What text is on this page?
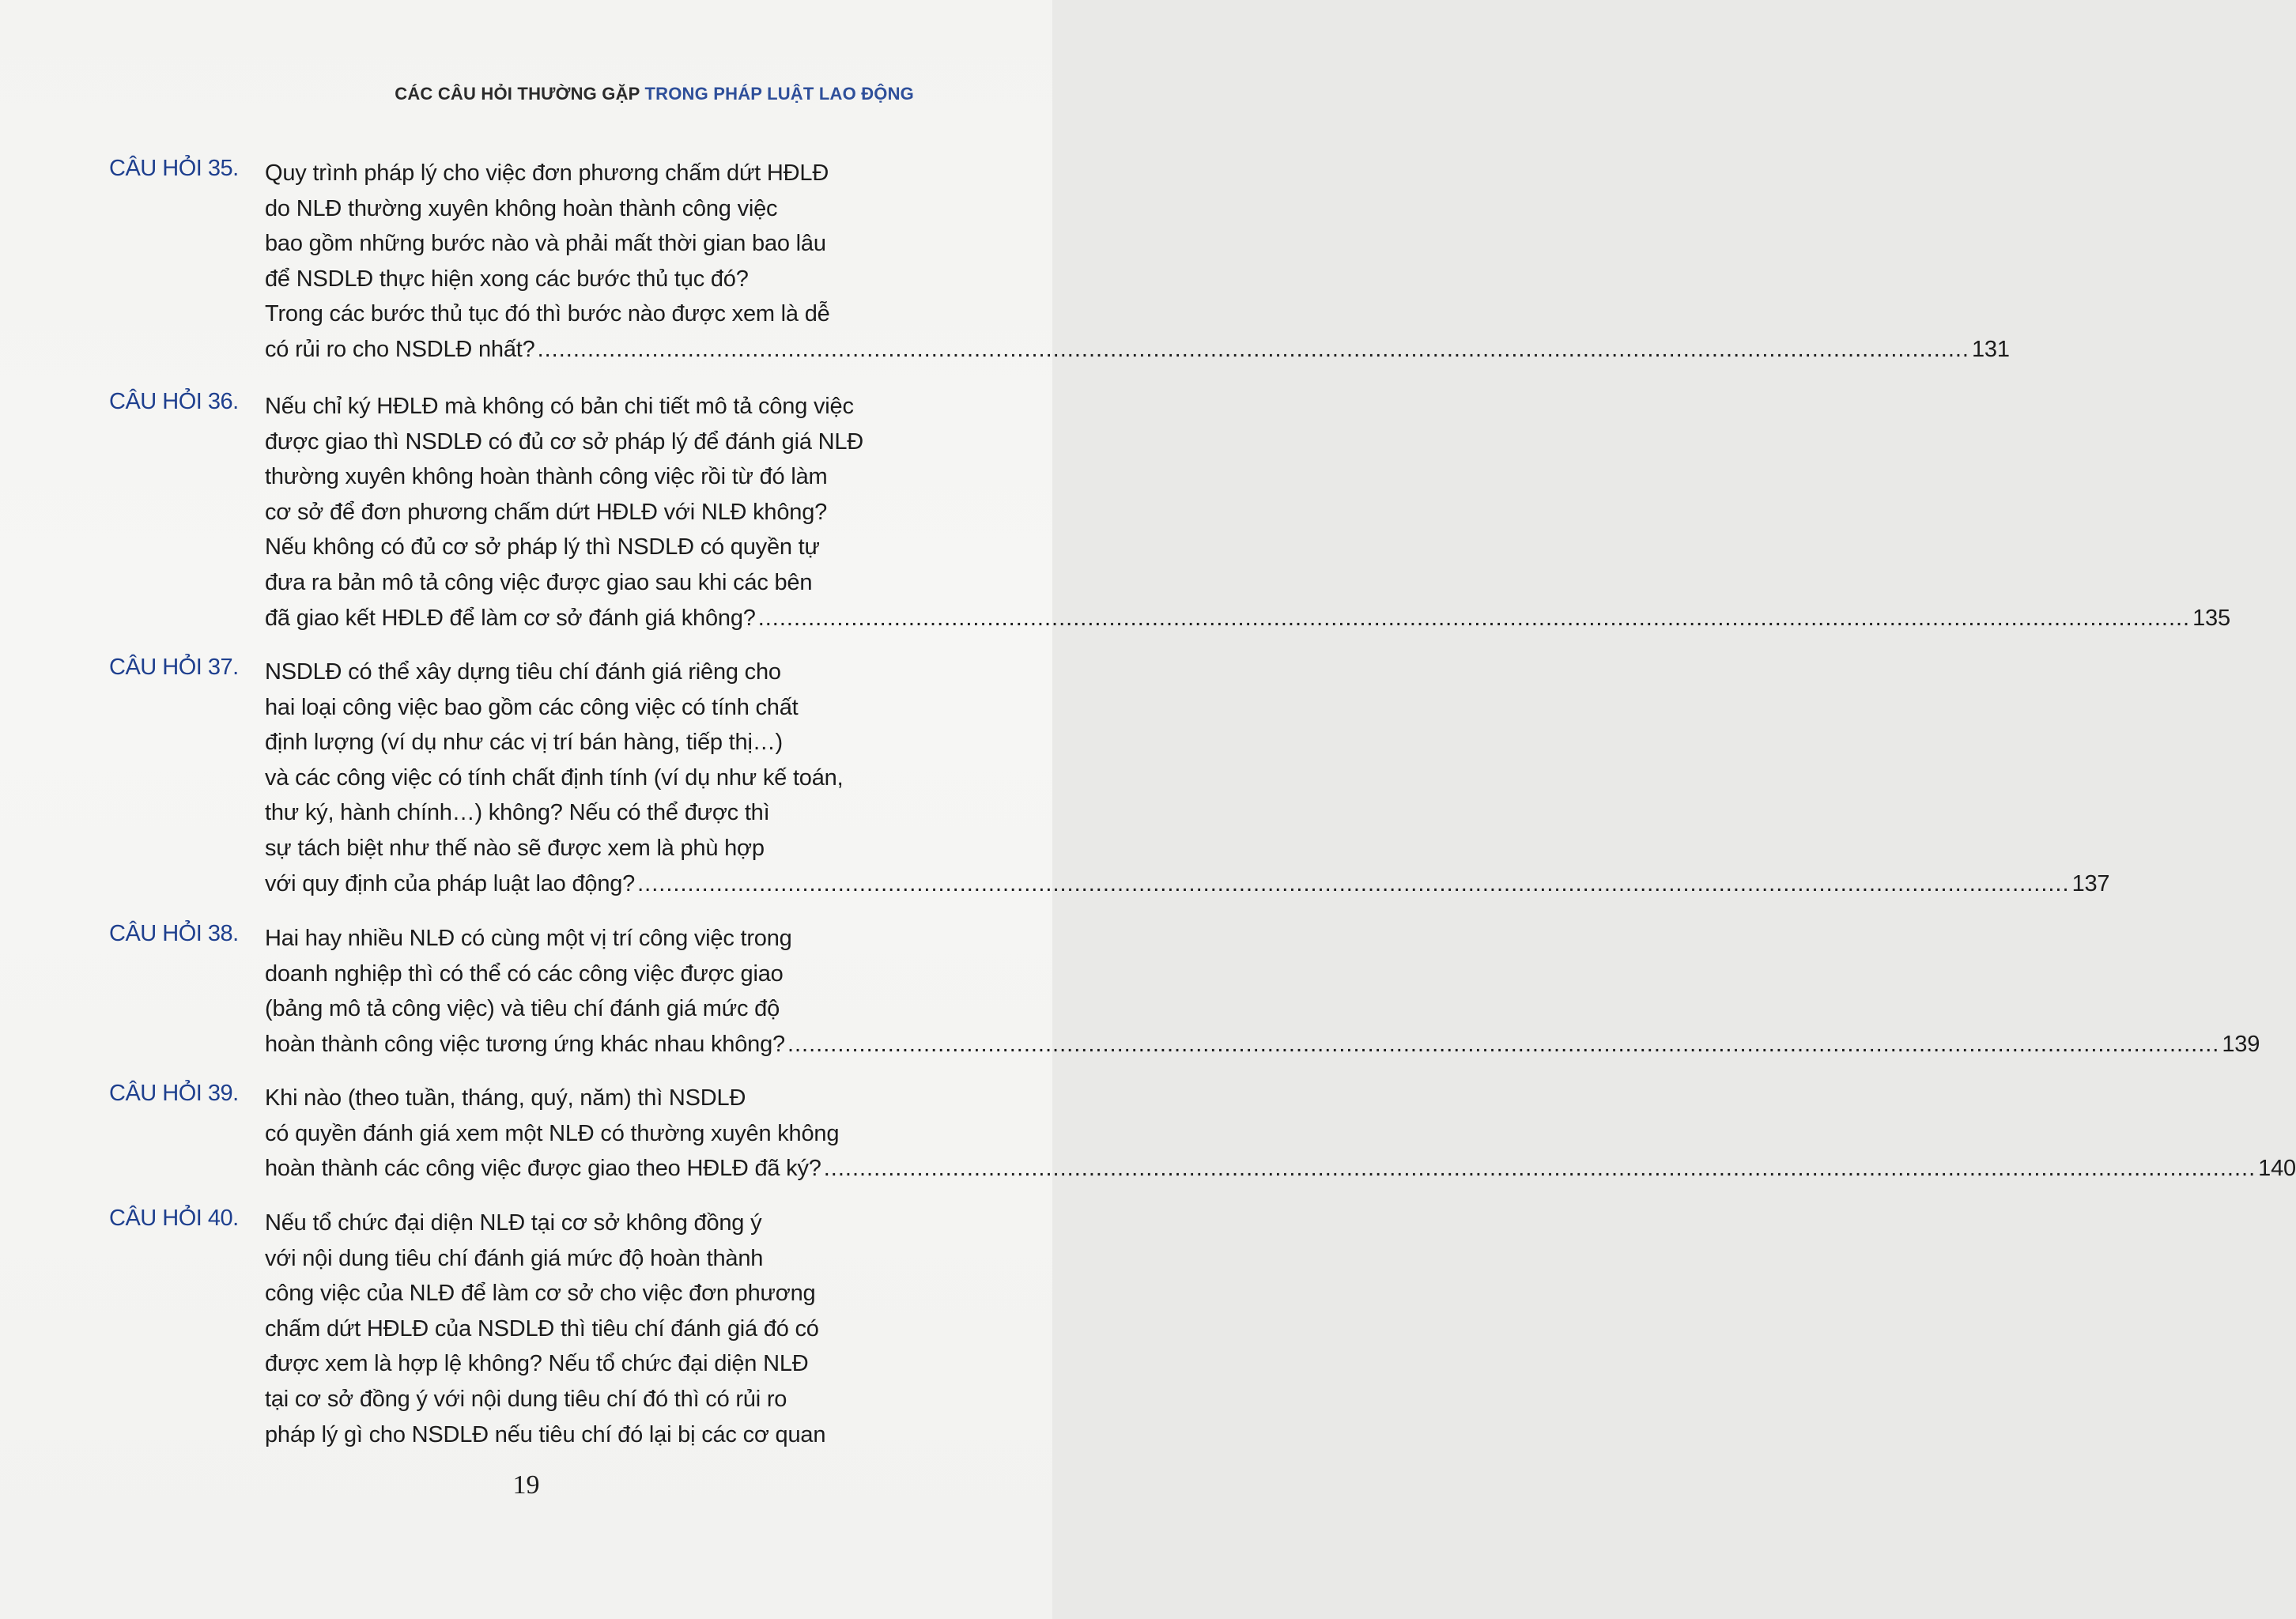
CÁC CÂU HỎI THƯỜNG GẶP TRONG PHÁP LUẬT LAO ĐỘNG
CÂU HỎI 35. Quy trình pháp lý cho việc đơn phương chấm dứt HĐLĐ
do NLĐ thường xuyên không hoàn thành công việc
bao gồm những bước nào và phải mất thời gian bao lâu
để NSDLĐ thực hiện xong các bước thủ tục đó?
Trong các bước thủ tục đó thì bước nào được xem là dễ
có rủi ro cho NSDLĐ nhất? ........................................................................................................................................................................................................ 131
CÂU HỎI 36. Nếu chỉ ký HĐLĐ mà không có bản chi tiết mô tả công việc
được giao thì NSDLĐ có đủ cơ sở pháp lý để đánh giá NLĐ
thường xuyên không hoàn thành công việc rồi từ đó làm
cơ sở để đơn phương chấm dứt HĐLĐ với NLĐ không?
Nếu không có đủ cơ sở pháp lý thì NSDLĐ có quyền tự
đưa ra bản mô tả công việc được giao sau khi các bên
đã giao kết HĐLĐ để làm cơ sở đánh giá không? ........................................................................................................................................................................................................ 135
CÂU HỎI 37. NSDLĐ có thể xây dựng tiêu chí đánh giá riêng cho
hai loại công việc bao gồm các công việc có tính chất
định lượng (ví dụ như các vị trí bán hàng, tiếp thị…)
và các công việc có tính chất định tính (ví dụ như kế toán,
thư ký, hành chính…) không? Nếu có thể được thì
sự tách biệt như thế nào sẽ được xem là phù hợp
với quy định của pháp luật lao động? ........................................................................................................................................................................................................ 137
CÂU HỎI 38. Hai hay nhiều NLĐ có cùng một vị trí công việc trong
doanh nghiệp thì có thể có các công việc được giao
(bảng mô tả công việc) và tiêu chí đánh giá mức độ
hoàn thành công việc tương ứng khác nhau không? ........................................................................................................................................................................................................ 139
CÂU HỎI 39. Khi nào (theo tuần, tháng, quý, năm) thì NSDLĐ
có quyền đánh giá xem một NLĐ có thường xuyên không
hoàn thành các công việc được giao theo HĐLĐ đã ký? ........................................................................................................................................................................................................ 140
CÂU HỎI 40. Nếu tổ chức đại diện NLĐ tại cơ sở không đồng ý
với nội dung tiêu chí đánh giá mức độ hoàn thành
công việc của NLĐ để làm cơ sở cho việc đơn phương
chấm dứt HĐLĐ của NSDLĐ thì tiêu chí đánh giá đó có
được xem là hợp lệ không? Nếu tổ chức đại diện NLĐ
tại cơ sở đồng ý với nội dung tiêu chí đó thì có rủi ro
pháp lý gì cho NSDLĐ nếu tiêu chí đó lại bị các cơ quan
19
